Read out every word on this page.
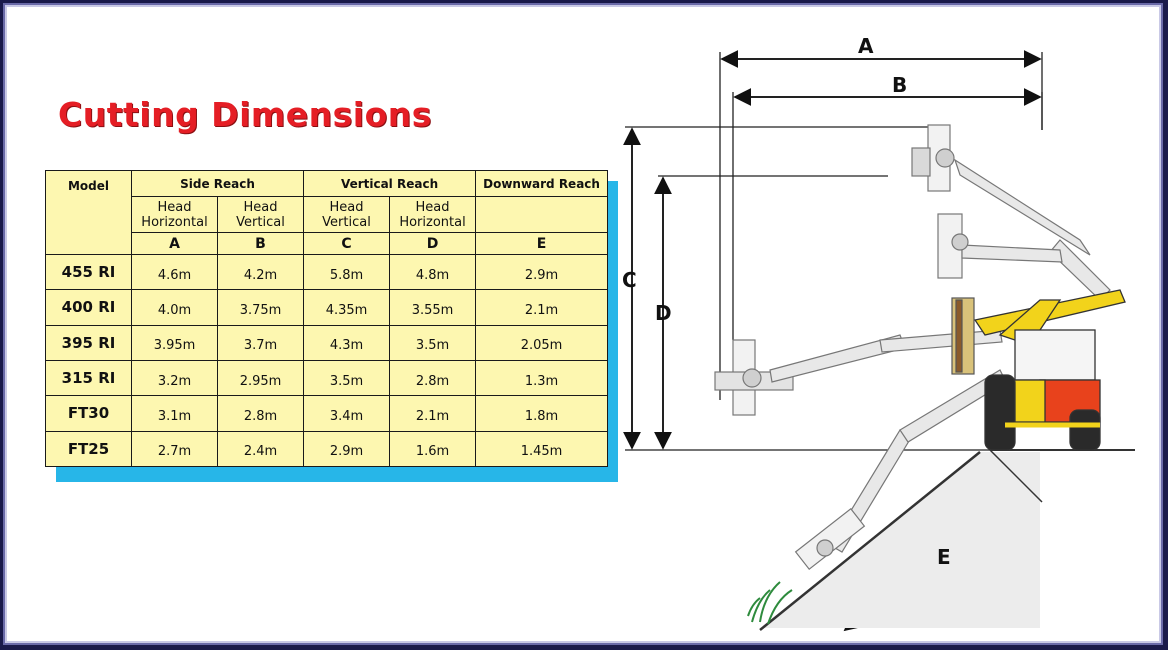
Cutting Dimensions
Model	Side Reach		Vertical Reach		Downward Reach
	Head Horizontal	Head Vertical	Head Vertical	Head Horizontal	
	A	B	C	D	E
455 RI	4.6m	4.2m	5.8m	4.8m	2.9m
400 RI	4.0m	3.75m	4.35m	3.55m	2.1m
395 RI	3.95m	3.7m	4.3m	3.5m	2.05m
315 RI	3.2m	2.95m	3.5m	2.8m	1.3m
FT30	3.1m	2.8m	3.4m	2.1m	1.8m
FT25	2.7m	2.4m	2.9m	1.6m	1.45m
A
B
C
D
E
